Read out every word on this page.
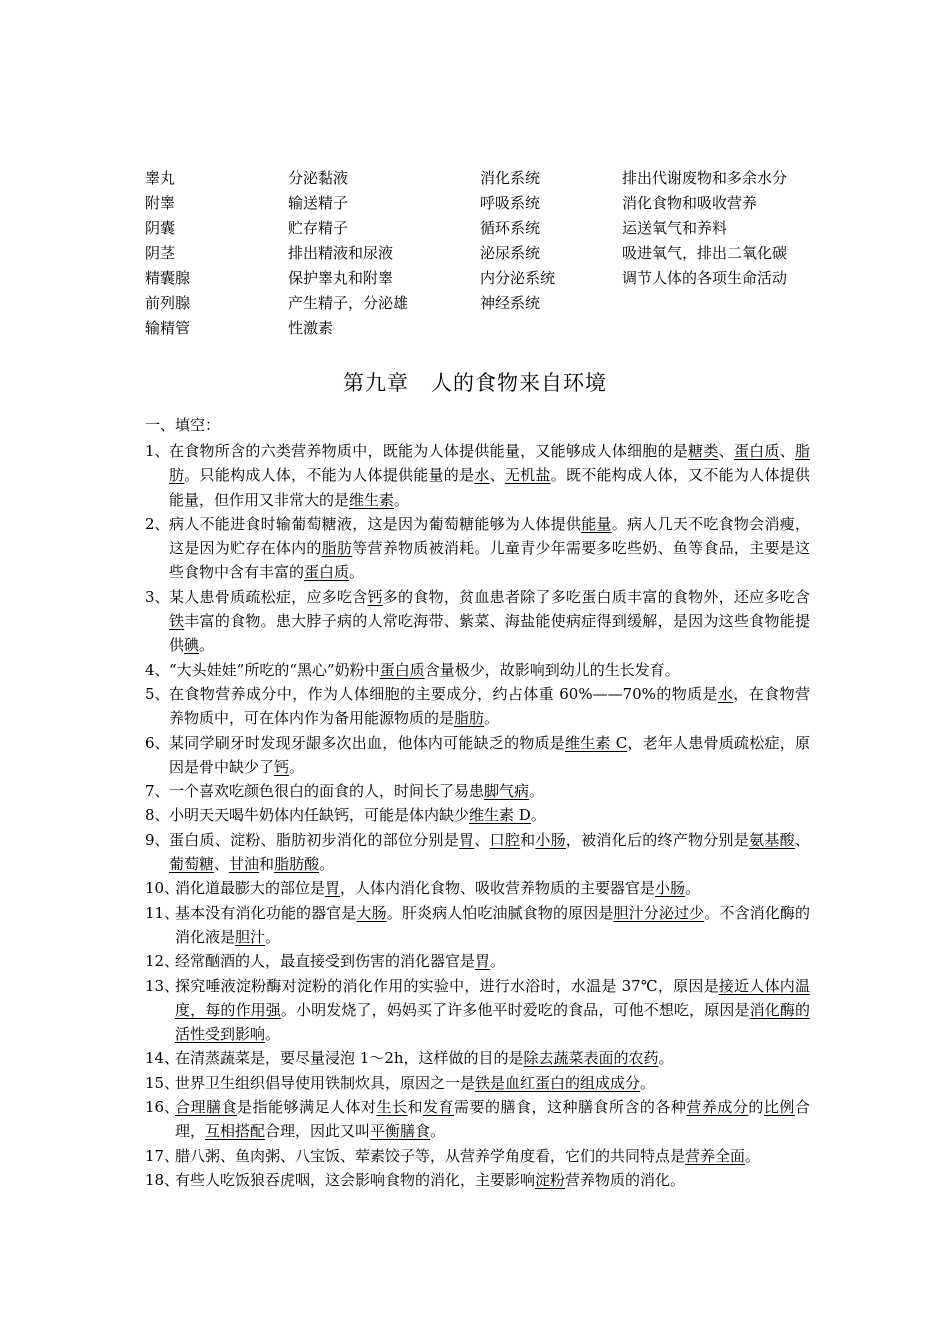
睾丸	分泌黏液	消化系统	排出代谢废物和多余水分
附睾	输送精子	呼吸系统	消化食物和吸收营养
阴囊	贮存精子	循环系统	运送氧气和养料
阴茎	排出精液和尿液	泌尿系统	吸进氧气，排出二氧化碳
精囊腺	保护睾丸和附睾	内分泌系统	调节人体的各项生命活动
前列腺	产生精子，分泌雄	神经系统
输精管	性激素
第九章　人的食物来自环境
一、填空：
1、 在食物所含的六类营养物质中，既能为人体提供能量，又能够成人体细胞的是糖类、蛋白质、脂肪。只能构成人体，不能为人体提供能量的是水、无机盐。既不能构成人体，又不能为人体提供能量，但作用又非常大的是维生素。
2、 病人不能进食时输葡萄糖液，这是因为葡萄糖能够为人体提供能量。病人几天不吃食物会消瘦，这是因为贮存在体内的脂肪等营养物质被消耗。儿童青少年需要多吃些奶、鱼等食品，主要是这些食物中含有丰富的蛋白质。
3、 某人患骨质疏松症，应多吃含钙多的食物，贫血患者除了多吃蛋白质丰富的食物外，还应多吃含铁丰富的食物。患大脖子病的人常吃海带、紫菜、海盐能使病症得到缓解，是因为这些食物能提供碘。
4、 “大头娃娃”所吃的“黑心”奶粉中蛋白质含量极少，故影响到幼儿的生长发育。
5、 在食物营养成分中，作为人体细胞的主要成分，约占体重 60%——70%的物质是水，在食物营养物质中，可在体内作为备用能源物质的是脂肪。
6、 某同学刷牙时发现牙龈多次出血，他体内可能缺乏的物质是维生素 C，老年人患骨质疏松症，原因是骨中缺少了钙。
7、 一个喜欢吃颜色很白的面食的人，时间长了易患脚气病。
8、 小明天天喝牛奶体内任缺钙，可能是体内缺少维生素 D。
9、 蛋白质、淀粉、脂肪初步消化的部位分别是胃、口腔和小肠，被消化后的终产物分别是氨基酸、葡萄糖、甘油和脂肪酸。
10、
消化道最膨大的部位是胃，人体内消化食物、吸收营养物质的主要器官是小肠。
11、
基本没有消化功能的器官是大肠。肝炎病人怕吃油腻食物的原因是胆汁分泌过少。不含消化酶的消化液是胆汁。
12、
经常酗酒的人，最直接受到伤害的消化器官是胃。
13、
探究唾液淀粉酶对淀粉的消化作用的实验中，进行水浴时，水温是 37℃，原因是接近人体内温度，每的作用强。小明发烧了，妈妈买了许多他平时爱吃的食品，可他不想吃，原因是消化酶的活性受到影响。
14、
在清蒸蔬菜是，要尽量浸泡 1～2h，这样做的目的是除去蔬菜表面的农药。
15、
世界卫生组织倡导使用铁制炊具，原因之一是铁是血红蛋白的组成成分。
16、
合理膳食是指能够满足人体对生长和发育需要的膳食，这种膳食所含的各种营养成分的比例合理，互相搭配合理，因此又叫平衡膳食。
17、
腊八粥、鱼肉粥、八宝饭、荤素饺子等，从营养学角度看，它们的共同特点是营养全面。
18、
有些人吃饭狼吞虎咽，这会影响食物的消化，主要影响淀粉营养物质的消化。
